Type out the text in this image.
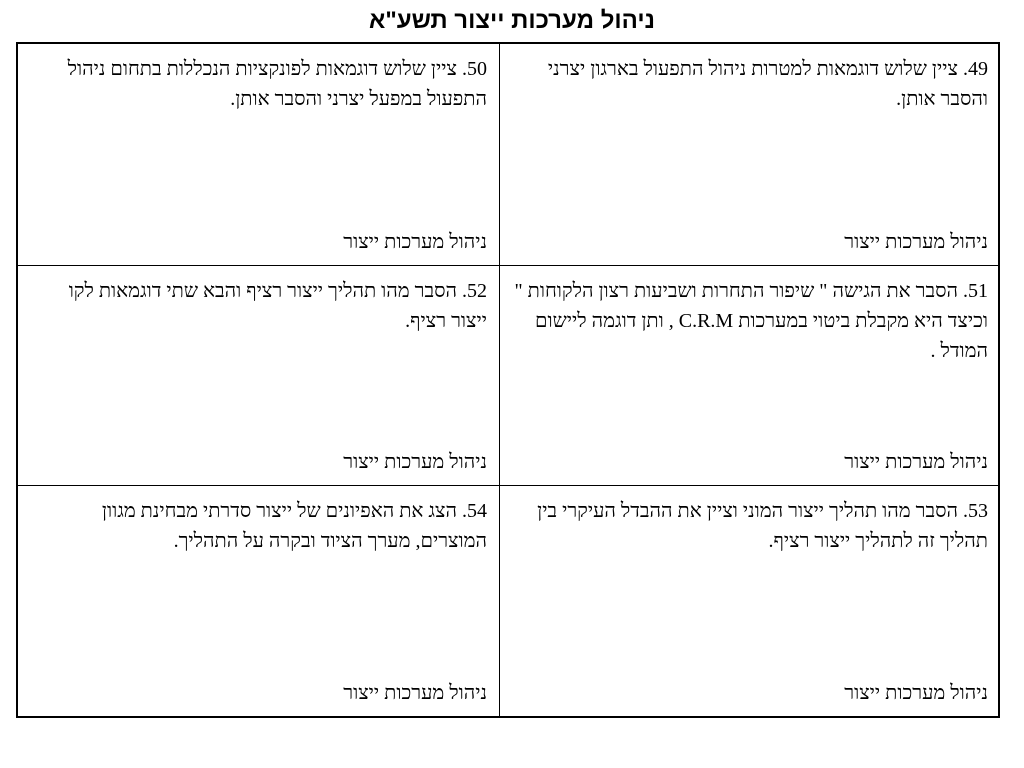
ניהול מערכות ייצור תשע"א

50. ציין שלוש דוגמאות לפונקציות הנכללות בתחום ניהול התפעול במפעל יצרני והסבר אותן.

ניהול מערכות ייצור

49. ציין שלוש דוגמאות למטרות ניהול התפעול בארגון יצרני והסבר אותן.

ניהול מערכות ייצור

52. הסבר מהו תהליך ייצור רציף והבא שתי דוגמאות לקו ייצור רציף.

ניהול מערכות ייצור

51. הסבר את הגישה " שיפור התחרות ושביעות רצון הלקוחות " וכיצד היא מקבלת ביטוי במערכות C.R.M , ותן דוגמה ליישום המודל .

ניהול מערכות ייצור

54. הצג את האפיונים של ייצור סדרתי מבחינת מגוון המוצרים, מערך הציוד ובקרה על התהליך.

ניהול מערכות ייצור

53. הסבר מהו תהליך ייצור המוני וציין את ההבדל העיקרי בין תהליך זה לתהליך ייצור רציף.

ניהול מערכות ייצור
